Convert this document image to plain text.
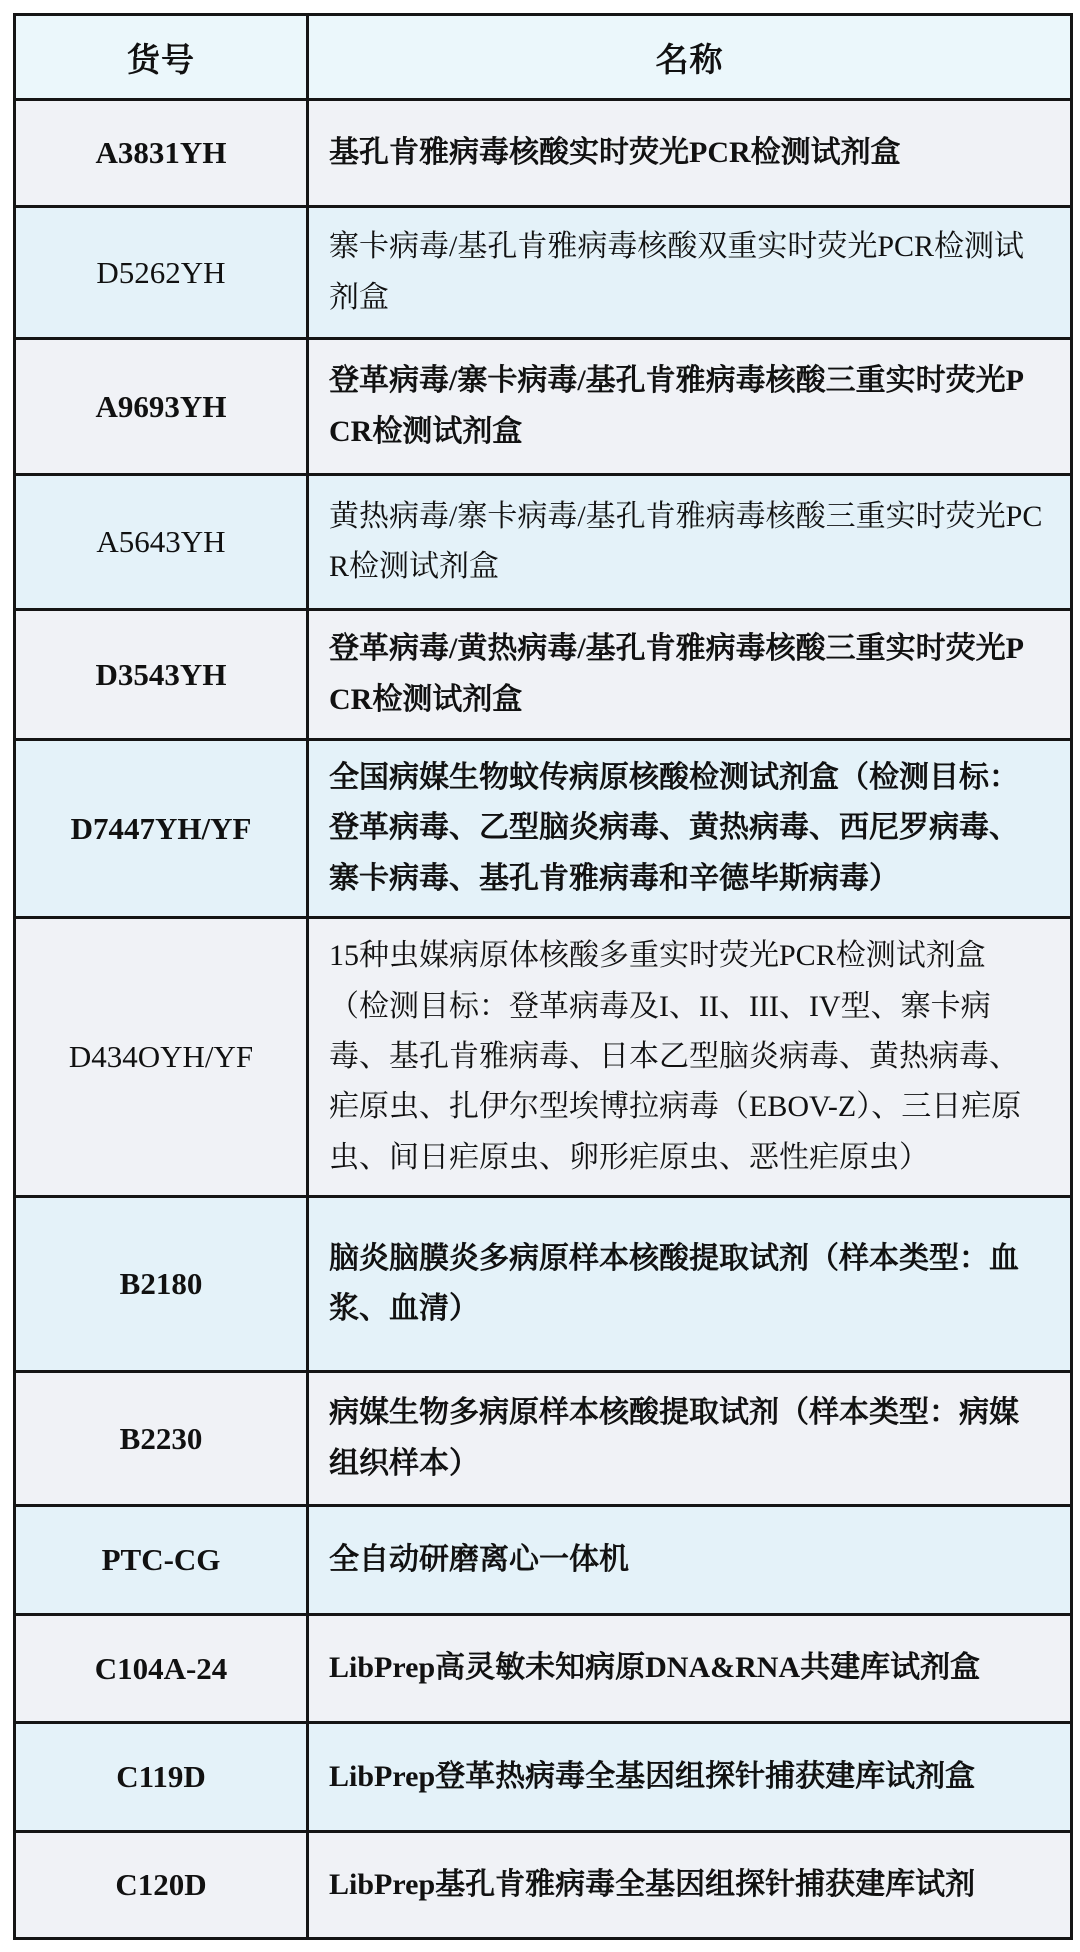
货号	名称
A3831YH	基孔肯雅病毒核酸实时荧光PCR检测试剂盒
D5262YH	寨卡病毒/基孔肯雅病毒核酸双重实时荧光PCR检测试剂盒
A9693YH	登革病毒/寨卡病毒/基孔肯雅病毒核酸三重实时荧光PCR检测试剂盒
A5643YH	黄热病毒/寨卡病毒/基孔肯雅病毒核酸三重实时荧光PCR检测试剂盒
D3543YH	登革病毒/黄热病毒/基孔肯雅病毒核酸三重实时荧光PCR检测试剂盒
D7447YH/YF	全国病媒生物蚊传病原核酸检测试剂盒（检测目标：登革病毒、乙型脑炎病毒、黄热病毒、西尼罗病毒、寨卡病毒、基孔肯雅病毒和辛德毕斯病毒）
D434OYH/YF	15种虫媒病原体核酸多重实时荧光PCR检测试剂盒（检测目标：登革病毒及I、II、III、IV型、寨卡病毒、基孔肯雅病毒、日本乙型脑炎病毒、黄热病毒、疟原虫、扎伊尔型埃博拉病毒（EBOV-Z）、三日疟原虫、间日疟原虫、卵形疟原虫、恶性疟原虫）
B2180	脑炎脑膜炎多病原样本核酸提取试剂（样本类型：血浆、血清）
B2230	病媒生物多病原样本核酸提取试剂（样本类型：病媒组织样本）
PTC-CG	全自动研磨离心一体机
C104A-24	LibPrep高灵敏未知病原DNA&RNA共建库试剂盒
C119D	LibPrep登革热病毒全基因组探针捕获建库试剂盒
C120D	LibPrep基孔肯雅病毒全基因组探针捕获建库试剂
